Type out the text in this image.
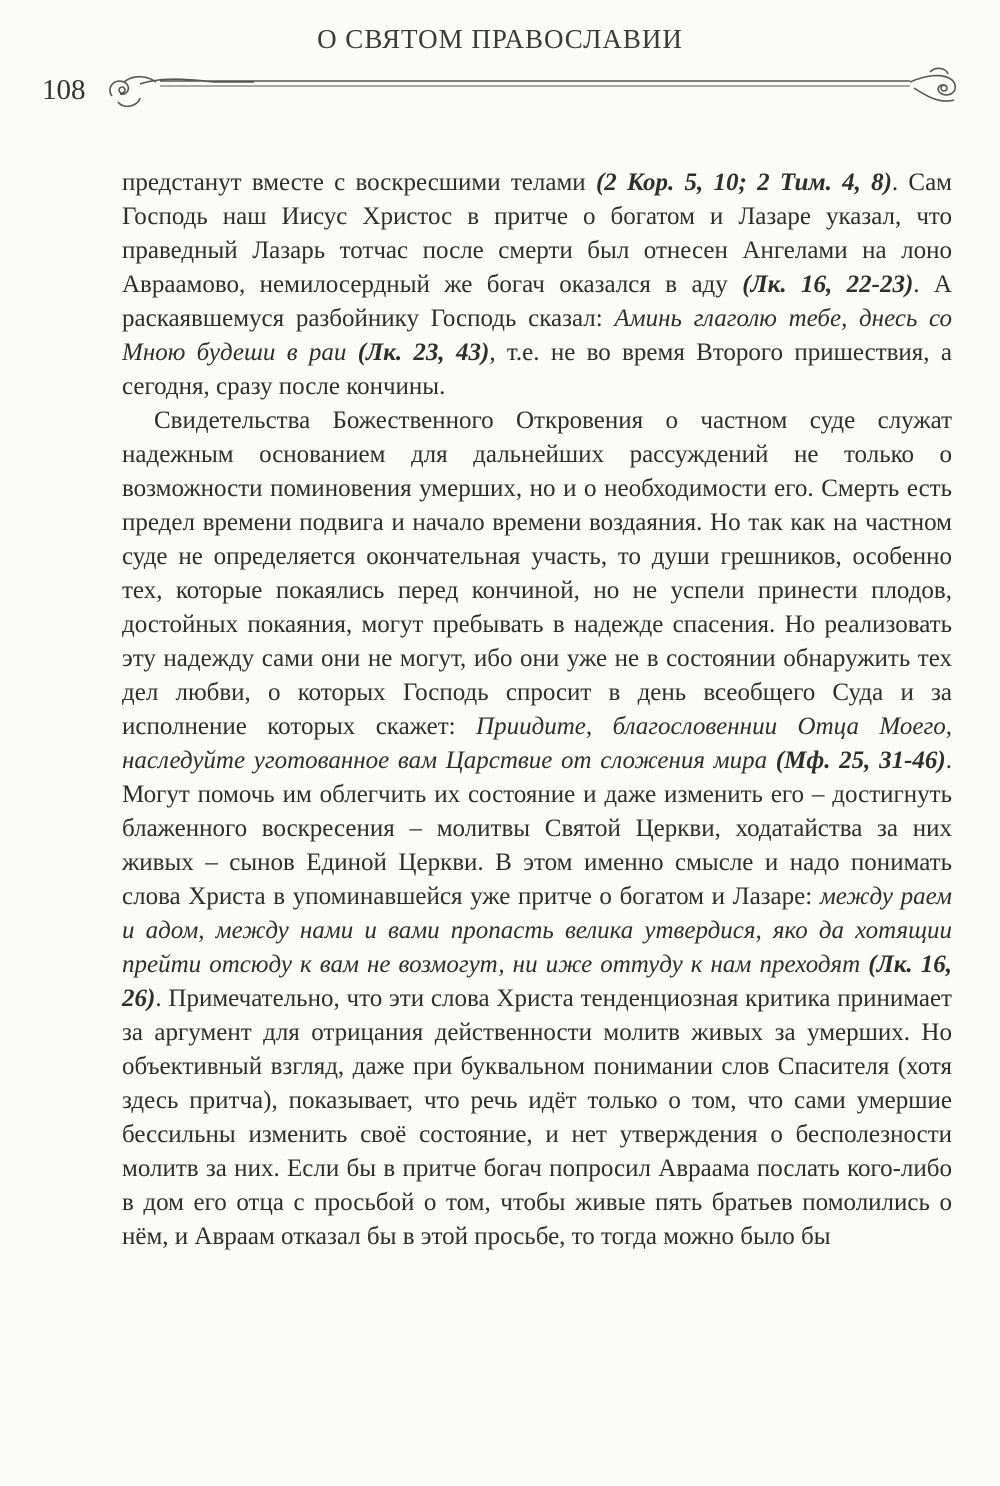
О СВЯТОМ ПРАВОСЛАВИИ
108

предстанут вместе с воскресшими телами (2 Кор. 5, 10; 2 Тим. 4, 8). Сам Господь наш Иисус Христос в притче о богатом и Лазаре указал, что праведный Лазарь тотчас после смерти был отнесен Ангелами на лоно Авраамово, немилосердный же богач оказался в аду (Лк. 16, 22-23). А раскаявшемуся разбойнику Господь сказал: Аминь глаголю тебе, днесь со Мною будеши в раи (Лк. 23, 43), т.е. не во время Второго пришествия, а сегодня, сразу после кончины.

Свидетельства Божественного Откровения о частном суде служат надежным основанием для дальнейших рассуждений не только о возможности поминовения умерших, но и о необходимости его. Смерть есть предел времени подвига и начало времени воздаяния. Но так как на частном суде не определяется окончательная участь, то души грешников, особенно тех, которые покаялись перед кончиной, но не успели принести плодов, достойных покаяния, могут пребывать в надежде спасения. Но реализовать эту надежду сами они не могут, ибо они уже не в состоянии обнаружить тех дел любви, о которых Господь спросит в день всеобщего Суда и за исполнение которых скажет: Приидите, благословеннии Отца Моего, наследуйте уготованное вам Царствие от сложения мира (Мф. 25, 31-46). Могут помочь им облегчить их состояние и даже изменить его – достигнуть блаженного воскресения – молитвы Святой Церкви, ходатайства за них живых – сынов Единой Церкви. В этом именно смысле и надо понимать слова Христа в упоминавшейся уже притче о богатом и Лазаре: между раем и адом, между нами и вами пропасть велика утвердися, яко да хотящии прейти отсюду к вам не возмогут, ни иже оттуду к нам преходят (Лк. 16, 26). Примечательно, что эти слова Христа тенденциозная критика принимает за аргумент для отрицания действенности молитв живых за умерших. Но объективный взгляд, даже при буквальном понимании слов Спасителя (хотя здесь притча), показывает, что речь идёт только о том, что сами умершие бессильны изменить своё состояние, и нет утверждения о бесполезности молитв за них. Если бы в притче богач попросил Авраама послать кого-либо в дом его отца с просьбой о том, чтобы живые пять братьев помолились о нём, и Авраам отказал бы в этой просьбе, то тогда можно было бы
